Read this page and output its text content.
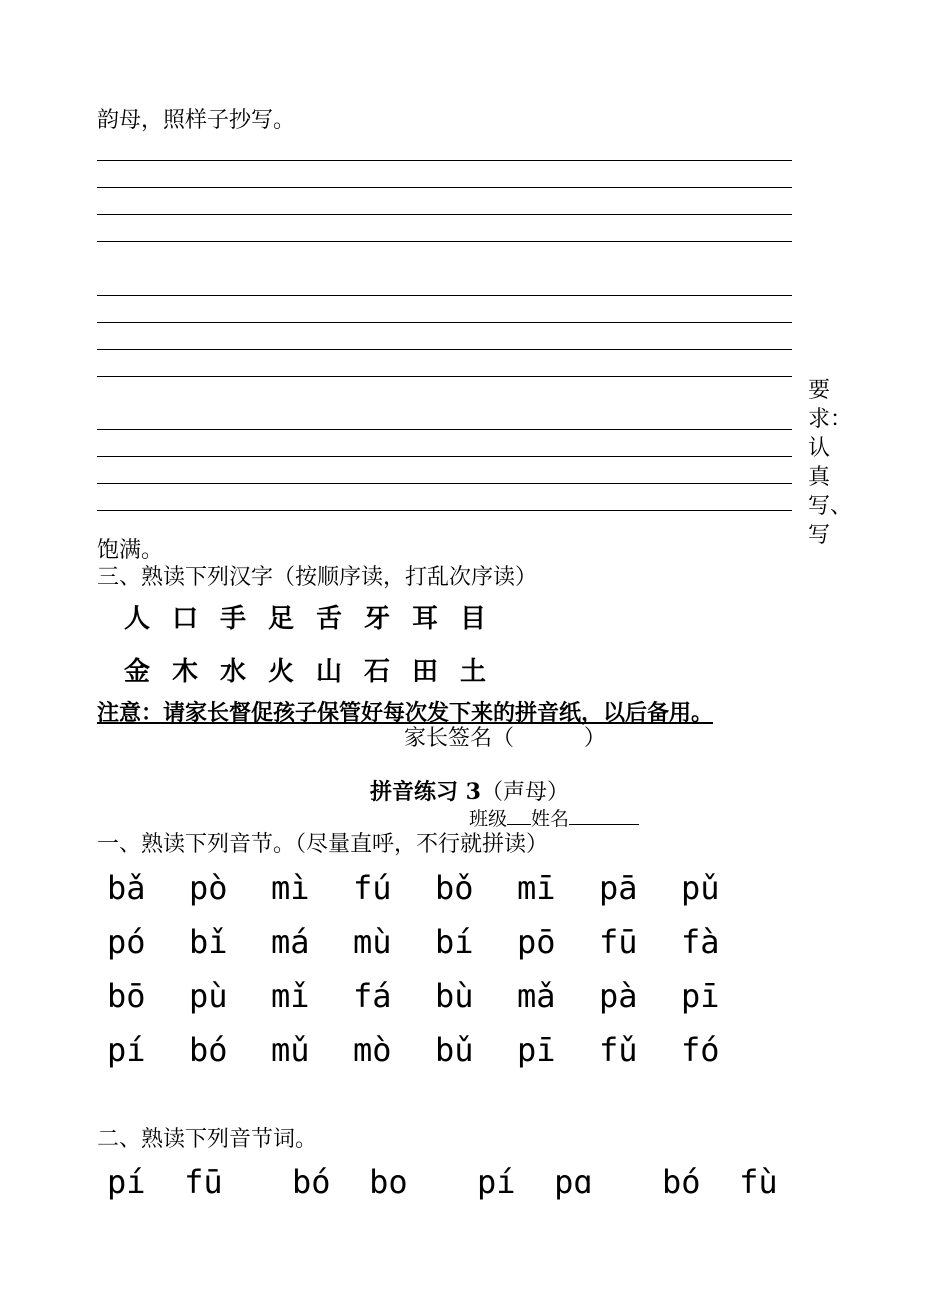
韵母，照样子抄写。
要求：认真写、写
饱满。
三、熟读下列汉字（按顺序读，打乱次序读）
人 口 手 足 舌 牙 耳 目
金 木 水 火 山 石 田 土
注意：请家长督促孩子保管好每次发下来的拼音纸，以后备用。
家长签名（          ）
拼音练习 3（声母）
班级 姓名
一、熟读下列音节。（尽量直呼，不行就拼读）
bǎ pò mì fú bǒ mī pā pǔ
pó bǐ má mù bí pō fū fà
bō pù mǐ fá bù mǎ pà pī
pí bó mǔ mò bǔ pī fǔ fó
二、熟读下列音节词。
pí  fū bó  bo pí  pɑ bó  fù
